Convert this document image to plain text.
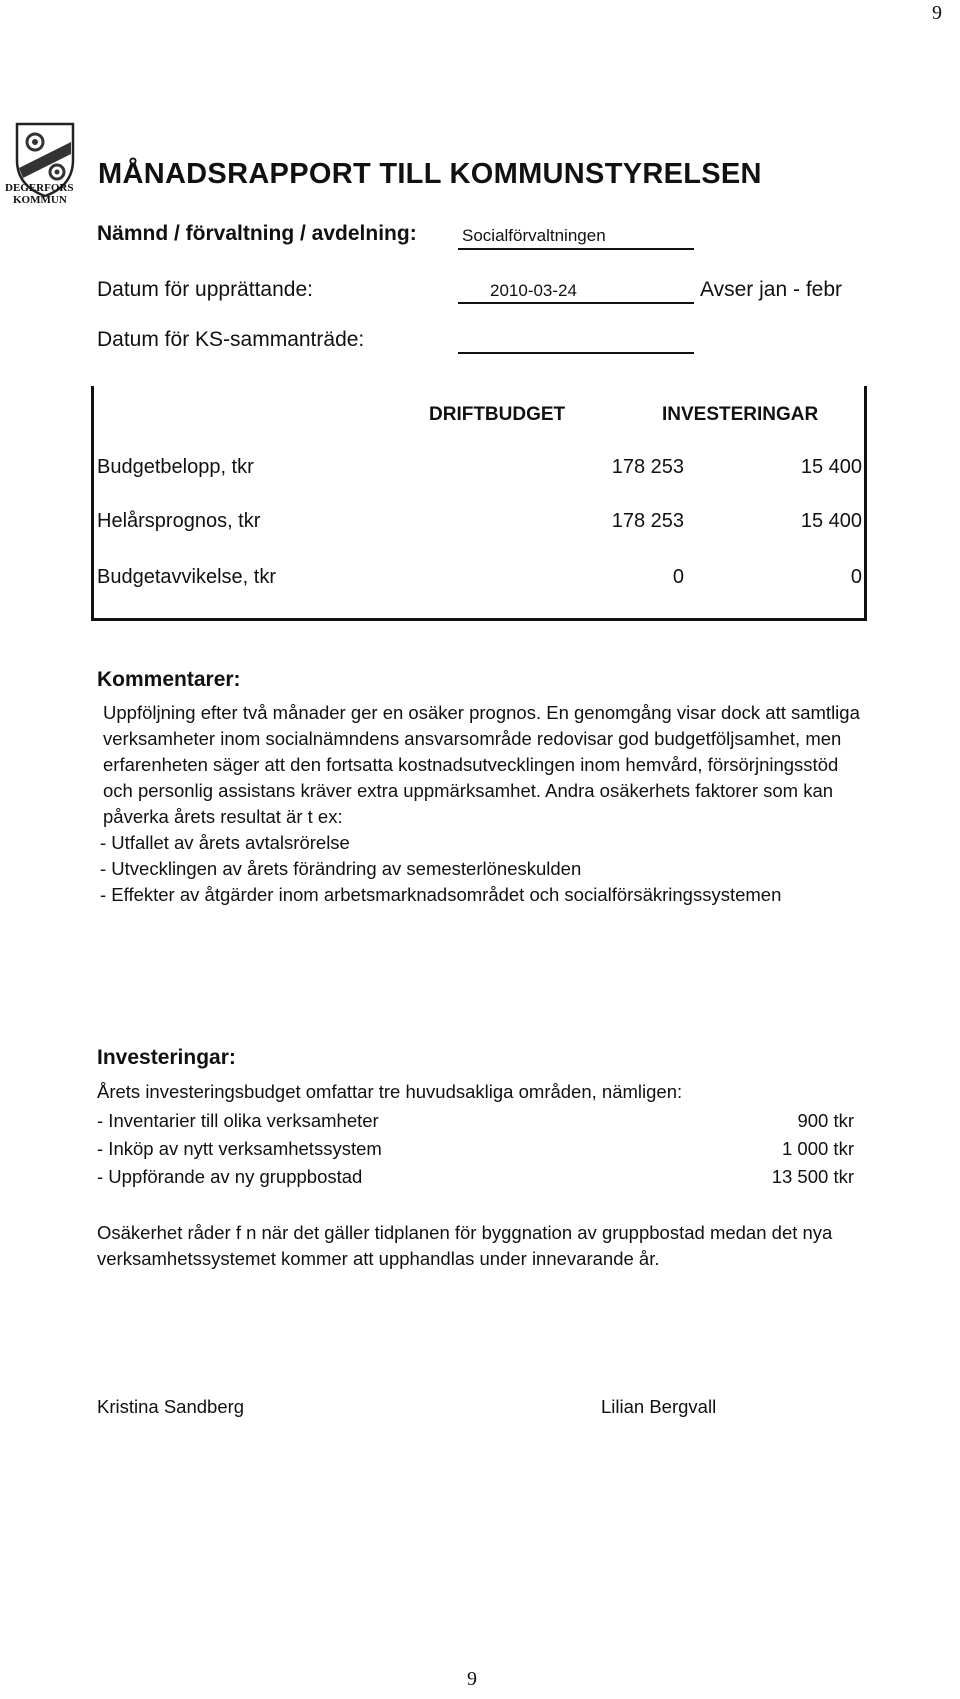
9
DEGERFORS
KOMMUN
MÅNADSRAPPORT TILL KOMMUNSTYRELSEN
Nämnd / förvaltning / avdelning:	Socialförvaltningen
Datum för upprättande:	2010-03-24	Avser jan - febr
Datum för KS-sammanträde:
DRIFTBUDGET	INVESTERINGAR
Budgetbelopp, tkr	178 253	15 400
Helårsprognos, tkr	178 253	15 400
Budgetavvikelse, tkr	0	0
Kommentarer:

Uppföljning efter två månader ger en osäker prognos. En genomgång visar dock att samtliga

verksamheter inom socialnämndens ansvarsområde redovisar god budgetföljsamhet, men

erfarenheten säger att den fortsatta kostnadsutvecklingen inom hemvård, försörjningsstöd

och personlig assistans kräver extra uppmärksamhet. Andra osäkerhets faktorer som kan

påverka årets resultat är t ex:

- Utfallet av årets avtalsrörelse

- Utvecklingen av årets förändring av semesterlöneskulden

- Effekter av åtgärder inom arbetsmarknadsområdet och socialförsäkringssystemen

Investeringar:
Årets investeringsbudget omfattar tre huvudsakliga områden, nämligen:
- Inventarier till olika verksamheter	900 tkr
- Inköp av nytt verksamhetssystem	1 000 tkr
- Uppförande av ny gruppbostad	13 500 tkr

Osäkerhet råder f n när det gäller tidplanen för byggnation av gruppbostad medan det nya

verksamhetssystemet kommer att upphandlas under innevarande år.

Kristina Sandberg	Lilian Bergvall
9
